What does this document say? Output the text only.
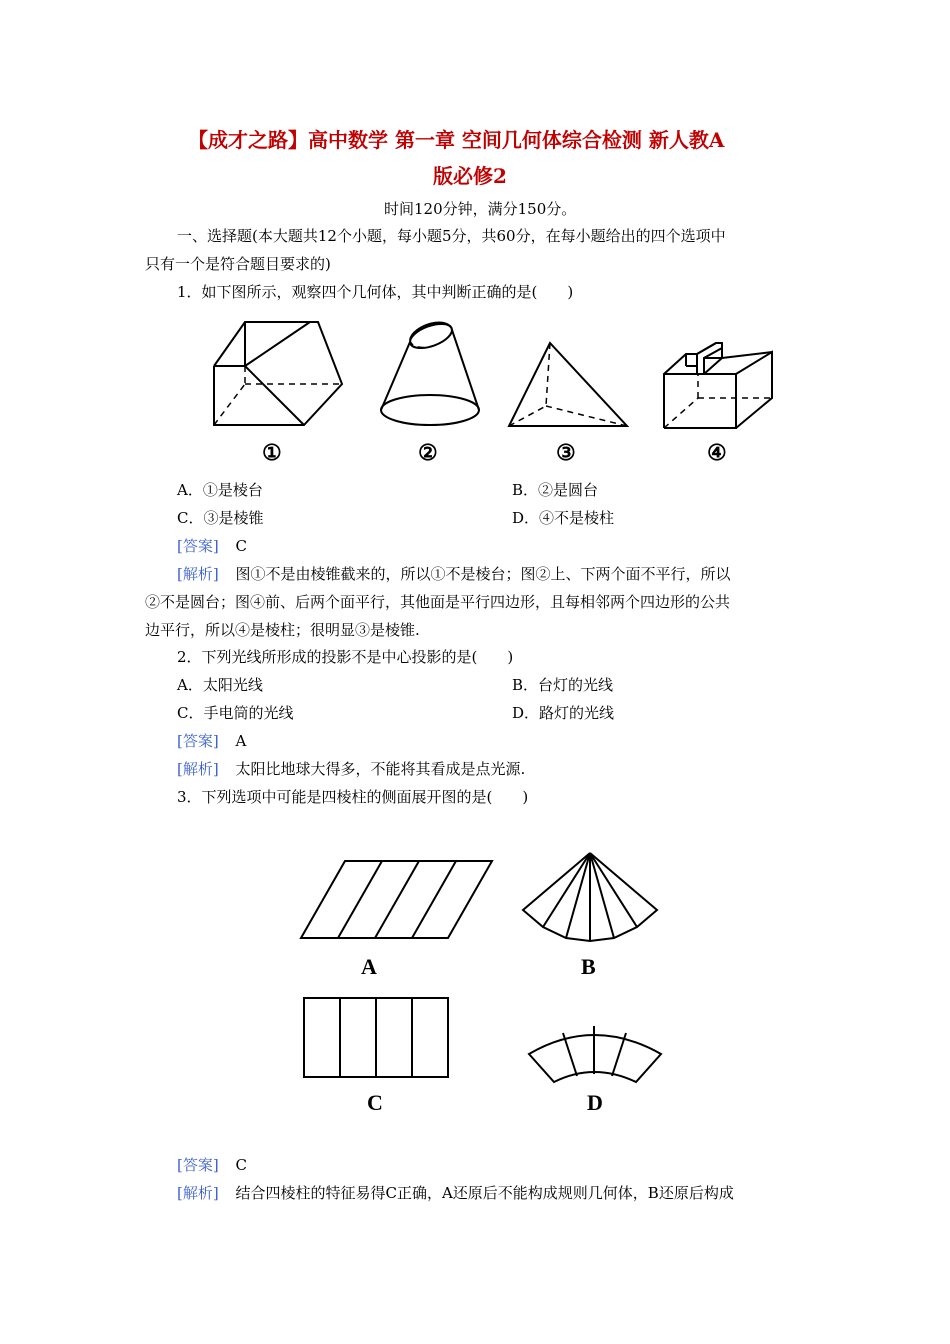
【成才之路】高中数学 第一章 空间几何体综合检测 新人教A
版必修2
时间120分钟，满分150分。
一、选择题(本大题共12个小题，每小题5分，共60分，在每小题给出的四个选项中
只有一个是符合题目要求的)
1．如下图所示，观察四个几何体，其中判断正确的是(　　)
①	②	③	④
A．①是棱台	B．②是圆台
C．③是棱锥	D．④不是棱柱
[答案] C
[解析] 图①不是由棱锥截来的，所以①不是棱台；图②上、下两个面不平行，所以
②不是圆台；图④前、后两个面平行，其他面是平行四边形，且每相邻两个四边形的公共
边平行，所以④是棱柱；很明显③是棱锥.
2．下列光线所形成的投影不是中心投影的是(　　)
A．太阳光线	B．台灯的光线
C．手电筒的光线	D．路灯的光线
[答案] A
[解析] 太阳比地球大得多，不能将其看成是点光源.
3．下列选项中可能是四棱柱的侧面展开图的是(　　)
A	B
C	D
[答案] C
[解析] 结合四棱柱的特征易得C正确，A还原后不能构成规则几何体，B还原后构成
